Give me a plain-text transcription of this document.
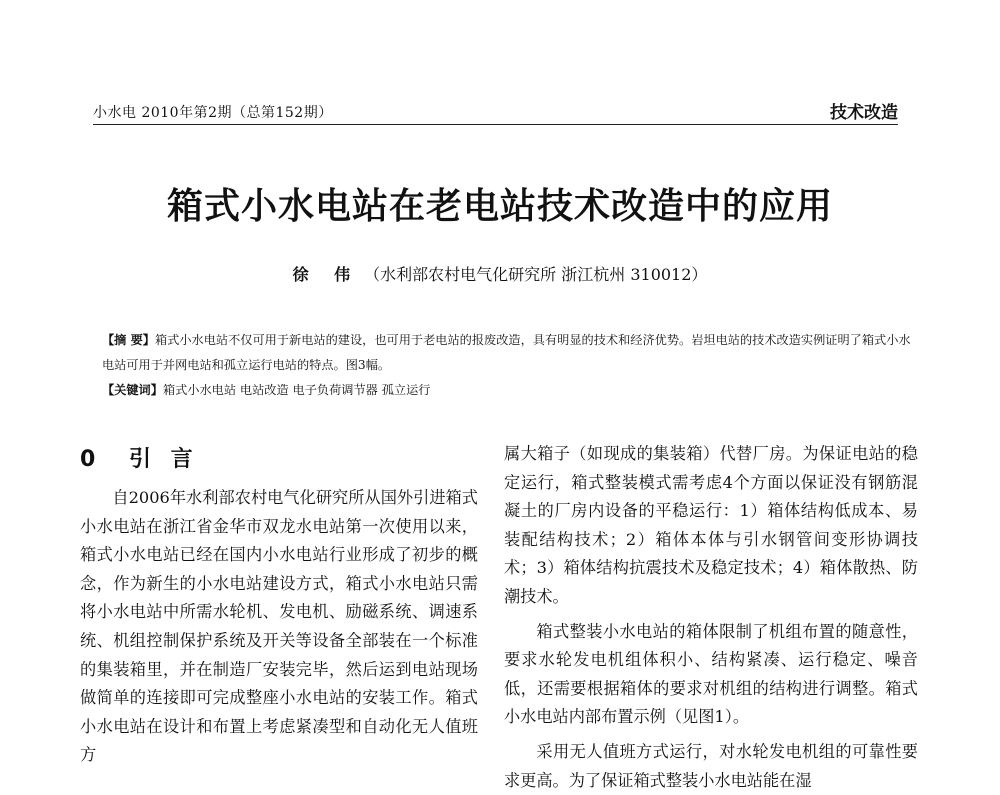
小水电 2010年第2期（总第152期）	技术改造
箱式小水电站在老电站技术改造中的应用
徐 伟 （水利部农村电气化研究所 浙江杭州 310012）
【摘 要】箱式小水电站不仅可用于新电站的建设，也可用于老电站的报废改造，具有明显的技术和经济优势。岩坦电站的技术改造实例证明了箱式小水电站可用于并网电站和孤立运行电站的特点。图3幅。
【关键词】箱式小水电站 电站改造 电子负荷调节器 孤立运行
0 引 言

自2006年水利部农村电气化研究所从国外引进箱式小水电站在浙江省金华市双龙水电站第一次使用以来，箱式小水电站已经在国内小水电站行业形成了初步的概念，作为新生的小水电站建设方式，箱式小水电站只需将小水电站中所需水轮机、发电机、励磁系统、调速系统、机组控制保护系统及开关等设备全部装在一个标准的集装箱里，并在制造厂安装完毕，然后运到电站现场做简单的连接即可完成整座小水电站的安装工作。箱式小水电站在设计和布置上考虑紧凑型和自动化无人值班方

属大箱子（如现成的集装箱）代替厂房。为保证电站的稳定运行，箱式整装模式需考虑4个方面以保证没有钢筋混凝土的厂房内设备的平稳运行：1）箱体结构低成本、易装配结构技术；2）箱体本体与引水钢管间变形协调技术；3）箱体结构抗震技术及稳定技术；4）箱体散热、防潮技术。

箱式整装小水电站的箱体限制了机组布置的随意性，要求水轮发电机组体积小、结构紧凑、运行稳定、噪音低，还需要根据箱体的要求对机组的结构进行调整。箱式小水电站内部布置示例（见图1）。

采用无人值班方式运行，对水轮发电机组的可靠性要求更高。为了保证箱式整装小水电站能在湿
